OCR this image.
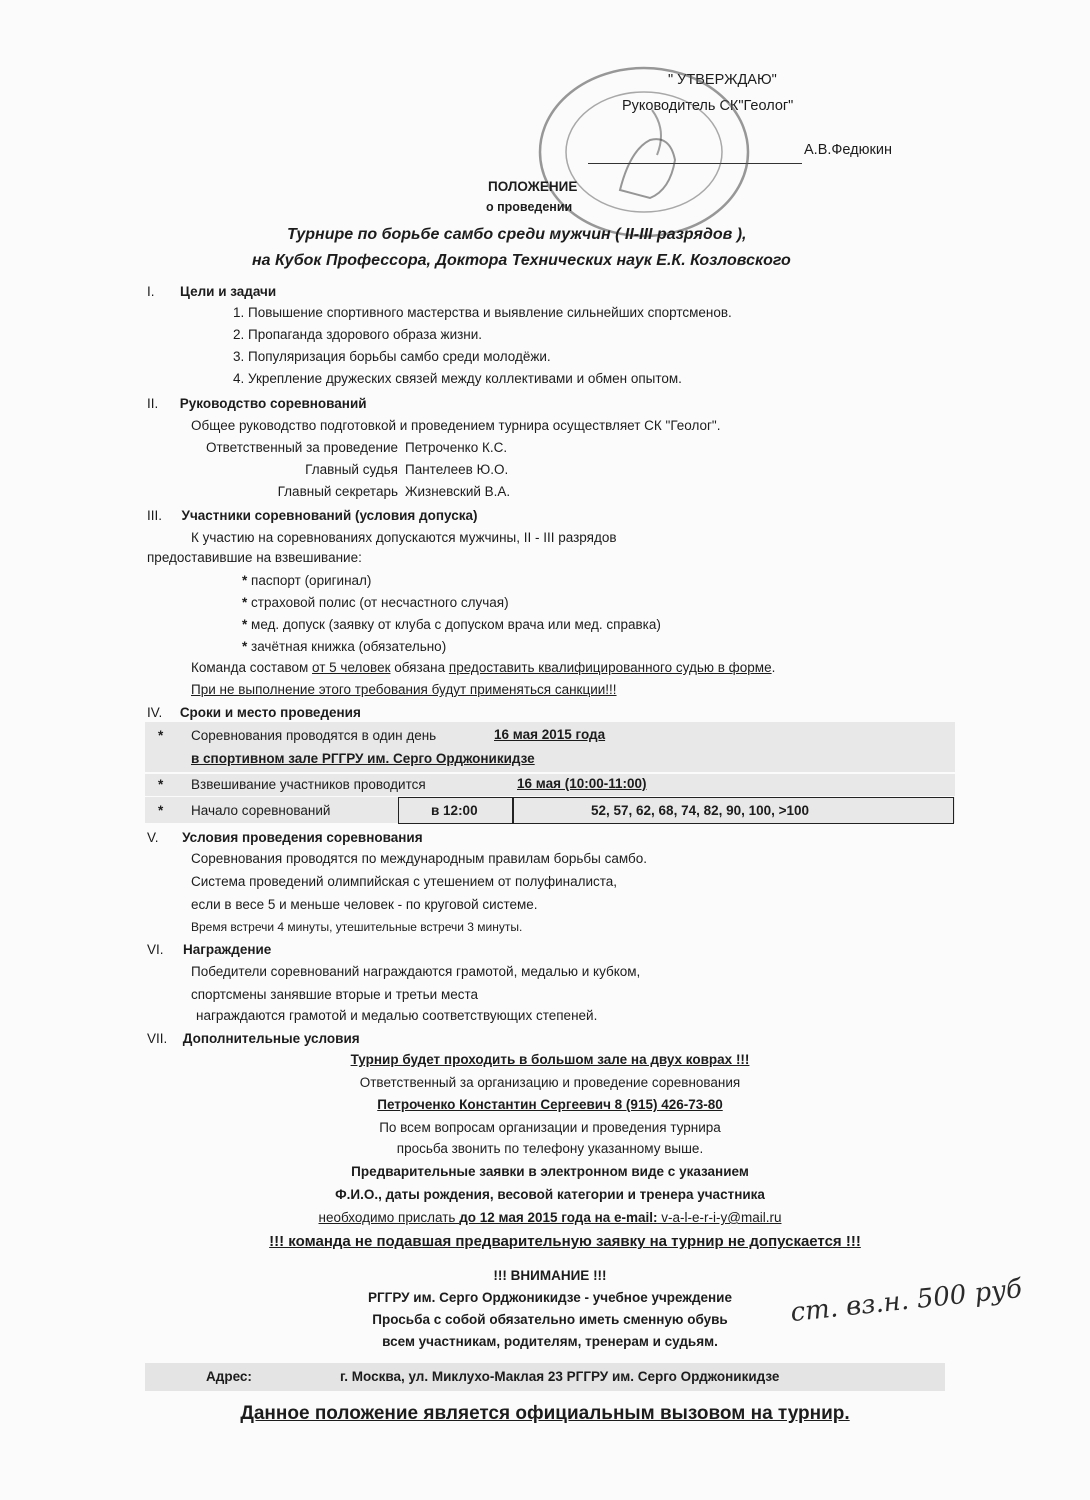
" УТВЕРЖДАЮ"
Руководитель СК"Геолог"
А.В.Федюкин
ПОЛОЖЕНИЕ
о проведении
Турнире по борьбе самбо среди мужчин ( II-III разрядов ),
на Кубок Профессора, Доктора Технических наук Е.К. Козловского
I. Цели и задачи
1. Повышение спортивного мастерства и выявление сильнейших спортсменов.
2. Пропаганда здорового образа жизни.
3. Популяризация борьбы самбо среди молодёжи.
4. Укрепление дружеских связей между коллективами и обмен опытом.
II. Руководство соревнований
Общее руководство подготовкой и проведением турнира осуществляет СК "Геолог".
Ответственный за проведение Петроченко К.С.
Главный судья Пантелеев Ю.О.
Главный секретарь Жизневский В.А.
III. Участники соревнований (условия допуска)
К участию на соревнованиях допускаются мужчины, II - III разрядов
предоставившие на взвешивание:
* паспорт (оригинал)
* страховой полис (от несчастного случая)
* мед. допуск (заявку от клуба с допуском врача или мед. справка)
* зачётная книжка (обязательно)
Команда составом от 5 человек обязана предоставить квалифицированного судью в форме.
При не выполнение этого требования будут применяться санкции!!!
IV. Сроки и место проведения
* Соревнования проводятся в один день	16 мая 2015 года
в спортивном зале РГГРУ им. Серго Орджоникидзе
* Взвешивание участников проводится	16 мая (10:00-11:00)
* Начало соревнований	в 12:00	52, 57, 62, 68, 74, 82, 90, 100, >100
V. Условия проведения соревнования
Соревнования проводятся по международным правилам борьбы самбо.
Система проведений олимпийская с утешением от полуфиналиста,
если в весе 5 и меньше человек - по круговой системе.
Время встречи 4 минуты, утешительные встречи 3 минуты.
VI. Награждение
Победители соревнований награждаются грамотой, медалью и кубком,
спортсмены занявшие вторые и третьи места
награждаются грамотой и медалью соответствующих степеней.
VII. Дополнительные условия
Турнир будет проходить в большом зале на двух коврах !!!
Ответственный за организацию и проведение соревнования
Петроченко Константин Сергеевич 8 (915) 426-73-80
По всем вопросам организации и проведения турнира
просьба звонить по телефону указанному выше.
Предварительные заявки в электронном виде с указанием
Ф.И.О., даты рождения, весовой категории и тренера участника
необходимо прислать до 12 мая 2015 года на e-mail: v-a-l-e-r-i-y@mail.ru
!!! команда не подавшая предварительную заявку на турнир не допускается !!!
!!! ВНИМАНИЕ !!!
РГГРУ им. Серго Орджоникидзе - учебное учреждение
Просьба с собой обязательно иметь сменную обувь
всем участникам, родителям, тренерам и судьям.
ст. вз.н. 500 руб
Адрес:	г. Москва, ул. Миклухо-Маклая 23 РГГРУ им. Серго Орджоникидзе
Данное положение является официальным вызовом на турнир.
